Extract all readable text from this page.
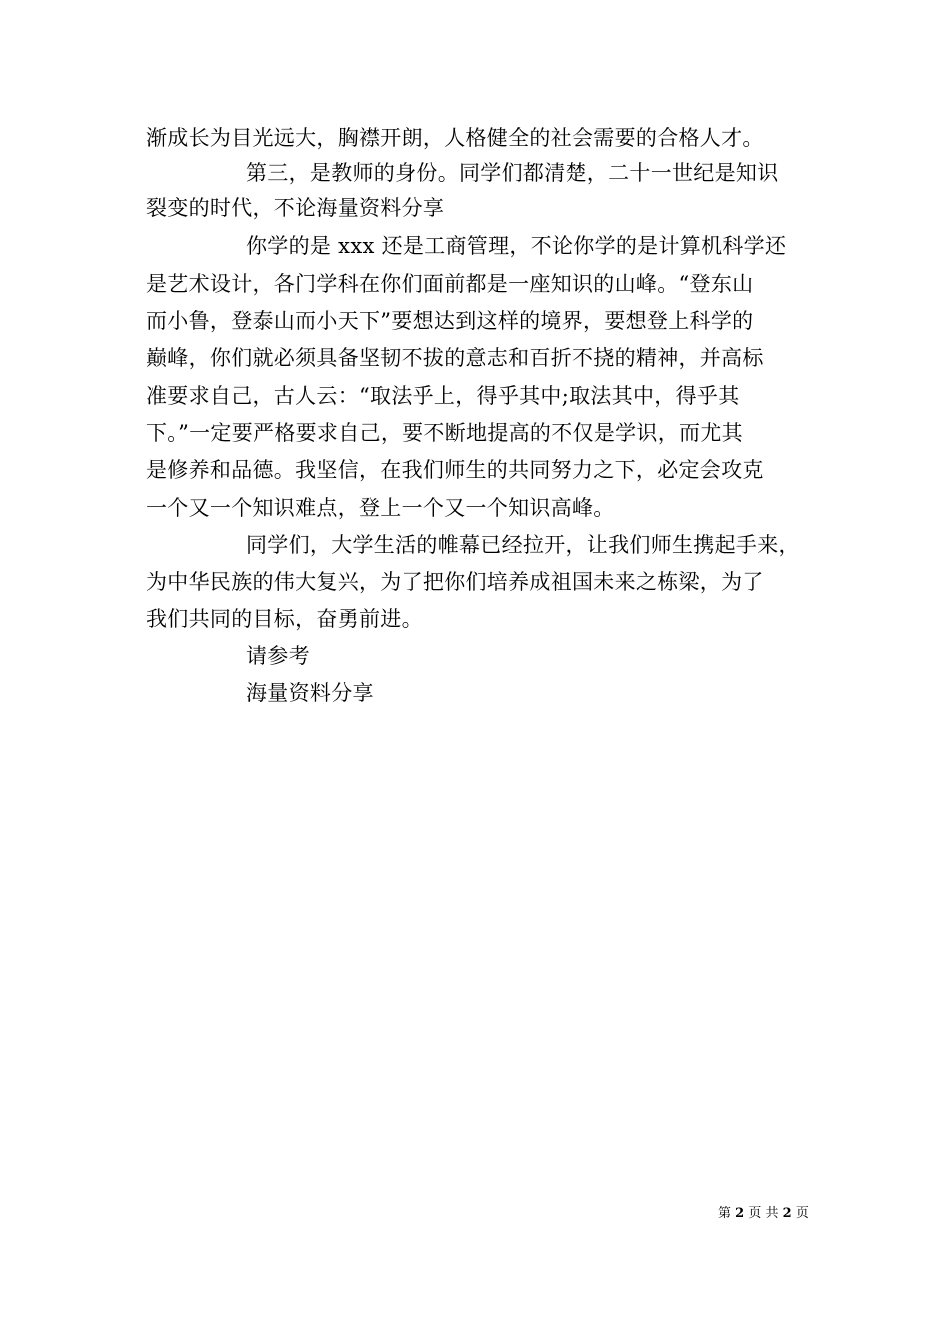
渐成长为目光远大，胸襟开朗，人格健全的社会需要的合格人才。
第三，是教师的身份。同学们都清楚，二十一世纪是知识
裂变的时代，不论海量资料分享
你学的是 xxx 还是工商管理，不论你学的是计算机科学还
是艺术设计，各门学科在你们面前都是一座知识的山峰。“登东山
而小鲁，登泰山而小天下”要想达到这样的境界，要想登上科学的
巅峰，你们就必须具备坚韧不拔的意志和百折不挠的精神，并高标
准要求自己，古人云：“取法乎上，得乎其中;取法其中，得乎其
下。”一定要严格要求自己，要不断地提高的不仅是学识，而尤其
是修养和品德。我坚信，在我们师生的共同努力之下，必定会攻克
一个又一个知识难点，登上一个又一个知识高峰。
同学们，大学生活的帷幕已经拉开，让我们师生携起手来，
为中华民族的伟大复兴，为了把你们培养成祖国未来之栋梁，为了
我们共同的目标，奋勇前进。
请参考
海量资料分享
第 2 页 共 2 页
